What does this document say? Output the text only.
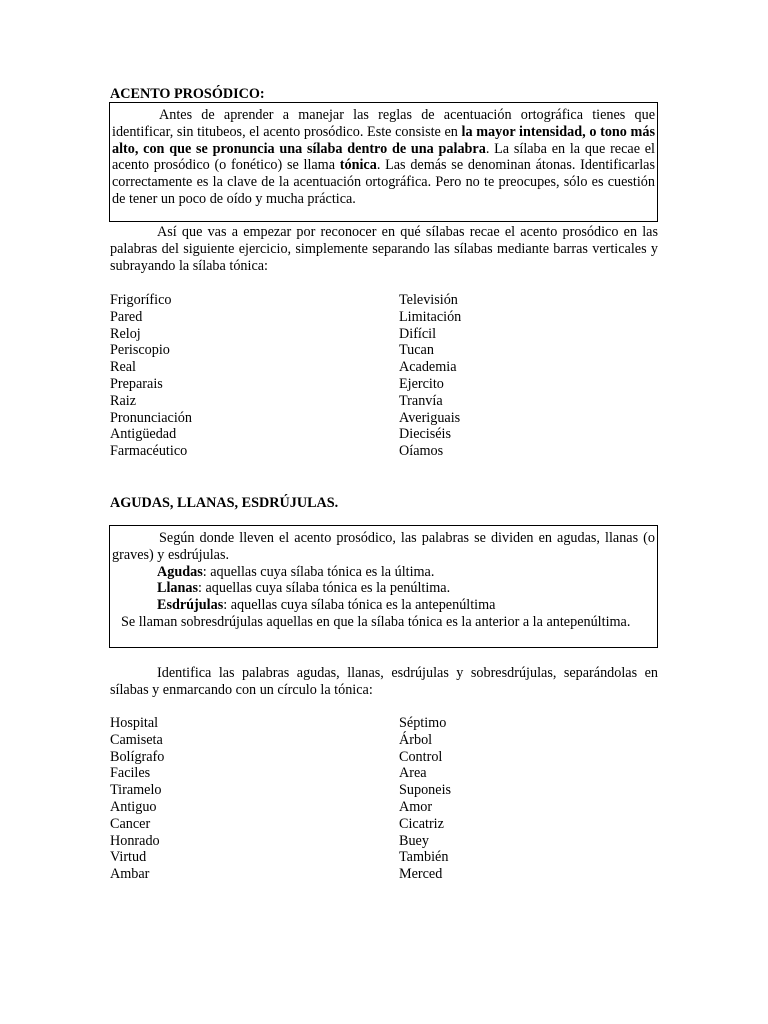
ACENTO PROSÓDICO:

Antes de aprender a manejar las reglas de acentuación ortográfica tienes que identificar, sin titubeos, el acento prosódico. Este consiste en la mayor intensidad, o tono más alto, con que se pronuncia una sílaba dentro de una palabra. La sílaba en la que recae el acento prosódico (o fonético) se llama tónica. Las demás se denominan átonas. Identificarlas correctamente es la clave de la acentuación ortográfica. Pero no te preocupes, sólo es cuestión de tener un poco de oído y mucha práctica.

Así que vas a empezar por reconocer en qué sílabas recae el acento prosódico en las palabras del siguiente ejercicio, simplemente separando las sílabas mediante barras verticales y subrayando la sílaba tónica:

Frigorífico
Pared
Reloj
Periscopio
Real
Preparais
Raiz
Pronunciación
Antigüedad
Farmacéutico
Televisión
Limitación
Difícil
Tucan
Academia
Ejercito
Tranvía
Averiguais
Dieciséis
Oíamos
AGUDAS, LLANAS, ESDRÚJULAS.

Según donde lleven el acento prosódico, las palabras se dividen en agudas, llanas (o graves) y esdrújulas.

Agudas: aquellas cuya sílaba tónica es la última.

Llanas: aquellas cuya sílaba tónica es la penúltima.

Esdrújulas: aquellas cuya sílaba tónica es la antepenúltima

Se llaman sobresdrújulas aquellas en que la sílaba tónica es la anterior a la antepenúltima.

Identifica las palabras agudas, llanas, esdrújulas y sobresdrújulas, separándolas en sílabas y enmarcando con un círculo la tónica:

Hospital
Camiseta
Bolígrafo
Faciles
Tiramelo
Antiguo
Cancer
Honrado
Virtud
Ambar
Séptimo
Árbol
Control
Area
Suponeis
Amor
Cicatriz
Buey
También
Merced
